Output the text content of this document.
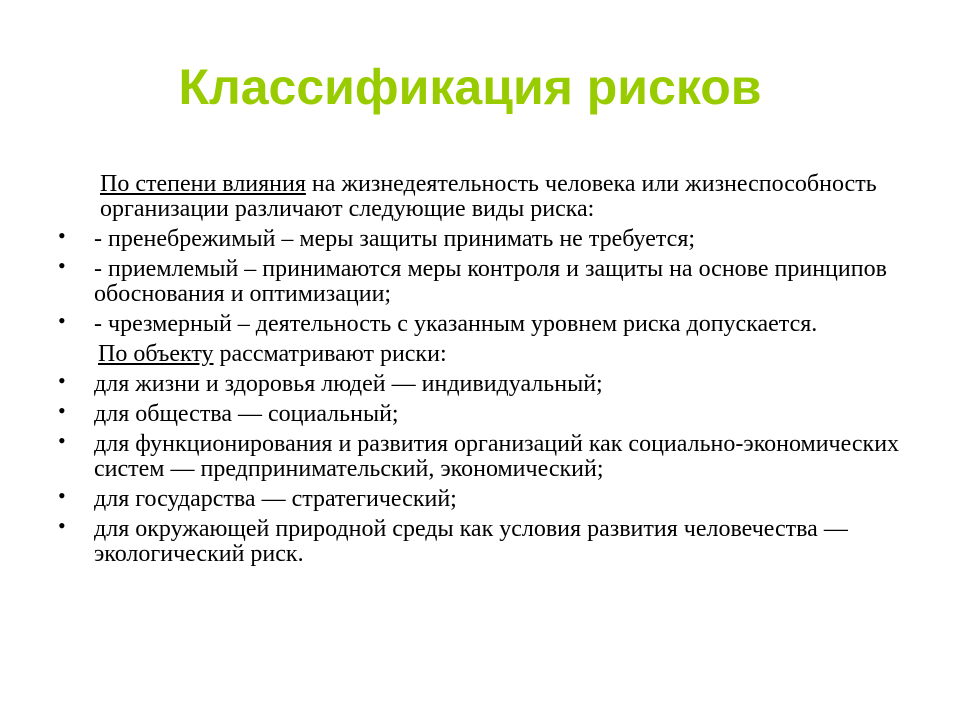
Классификация рисков
По степени влияния на жизнедеятельность человека или жизнеспособность организации различают следующие виды риска:
• - пренебрежимый – меры защиты принимать не требуется;
• - приемлемый – принимаются меры контроля и защиты на основе принципов обоснования и оптимизации;
• - чрезмерный – деятельность с указанным уровнем риска допускается.
По объекту рассматривают риски:
• для жизни и здоровья людей — индивидуальный;
• для общества — социальный;
• для функционирования и развития организаций как социально-экономических систем — предпринимательский, экономический;
• для государства — стратегический;
• для окружающей природной среды как условия развития человечества — экологический риск.
